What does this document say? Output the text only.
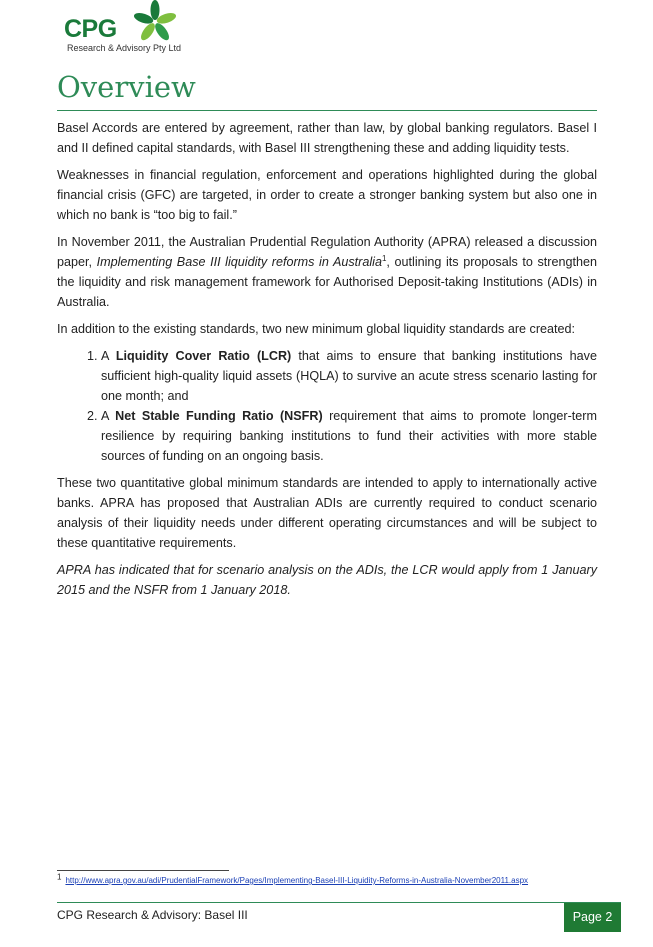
CPG
Research & Advisory Pty Ltd
Overview

Basel Accords are entered by agreement, rather than law, by global banking regulators. Basel I and II defined capital standards, with Basel III strengthening these and adding liquidity tests.

Weaknesses in financial regulation, enforcement and operations highlighted during the global financial crisis (GFC) are targeted, in order to create a stronger banking system but also one in which no bank is “too big to fail.”

In November 2011, the Australian Prudential Regulation Authority (APRA) released a discussion paper, Implementing Base III liquidity reforms in Australia$^1$, outlining its proposals to strengthen the liquidity and risk management framework for Authorised Deposit-taking Institutions (ADIs) in Australia.

In addition to the existing standards, two new minimum global liquidity standards are created:

1. A Liquidity Cover Ratio (LCR) that aims to ensure that banking institutions have sufficient high-quality liquid assets (HQLA) to survive an acute stress scenario lasting for one month; and
2. A Net Stable Funding Ratio (NSFR) requirement that aims to promote longer-term resilience by requiring banking institutions to fund their activities with more stable sources of funding on an ongoing basis.

These two quantitative global minimum standards are intended to apply to internationally active banks. APRA has proposed that Australian ADIs are currently required to conduct scenario analysis of their liquidity needs under different operating circumstances and will be subject to these quantitative requirements.

APRA has indicated that for scenario analysis on the ADIs, the LCR would apply from 1 January 2015 and the NSFR from 1 January 2018.

$^1$ http://www.apra.gov.au/adi/PrudentialFramework/Pages/Implementing-Basel-III-Liquidity-Reforms-in-Australia-November2011.aspx
CPG Research & Advisory: Basel III	Page 2
